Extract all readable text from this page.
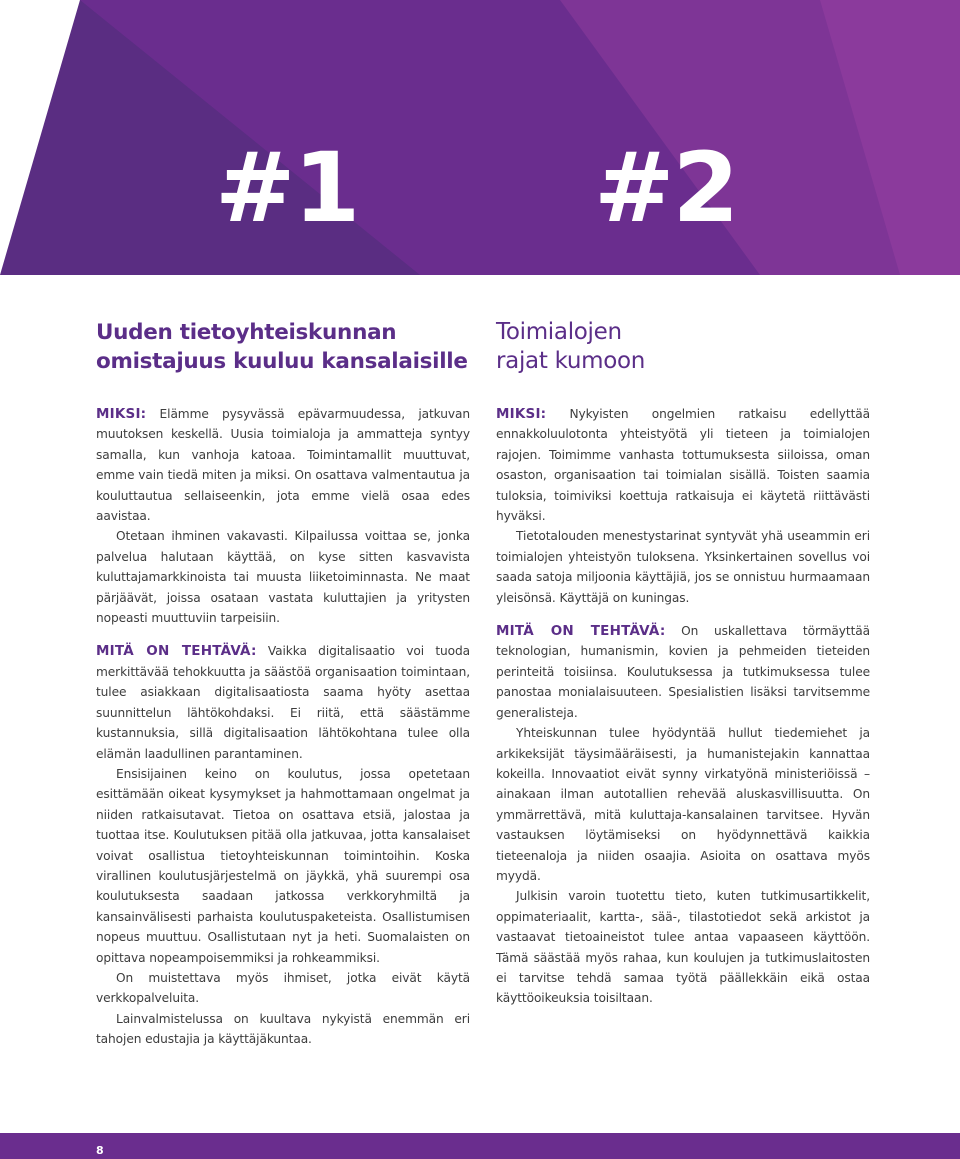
#1 #2
Uuden tietoyhteiskunnan
omistajuus kuuluu kansalaisille

MIKSI: Elämme pysyvässä epävarmuudessa, jatkuvan muutoksen keskellä. Uusia toimialoja ja ammatteja syntyy samalla, kun vanhoja katoaa. Toimintamallit muuttuvat, emme vain tiedä miten ja miksi. On osattava valmentautua ja kouluttautua sellaiseenkin, jota emme vielä osaa edes aavistaa.

Otetaan ihminen vakavasti. Kilpailussa voittaa se, jonka palvelua halutaan käyttää, on kyse sitten kasvavista kuluttajamarkkinoista tai muusta liiketoiminnasta. Ne maat pärjäävät, joissa osataan vastata kuluttajien ja yritysten nopeasti muuttuviin tarpeisiin.

MITÄ ON TEHTÄVÄ: Vaikka digitalisaatio voi tuoda merkittävää tehokkuutta ja säästöä organisaation toimintaan, tulee asiakkaan digitalisaatiosta saama hyöty asettaa suunnittelun lähtökohdaksi. Ei riitä, että säästämme kustannuksia, sillä digitalisaation lähtökohtana tulee olla elämän laadullinen parantaminen.

Ensisijainen keino on koulutus, jossa opetetaan esittämään oikeat kysymykset ja hahmottamaan ongelmat ja niiden ratkaisutavat. Tietoa on osattava etsiä, jalostaa ja tuottaa itse. Koulutuksen pitää olla jatkuvaa, jotta kansalaiset voivat osallistua tietoyhteiskunnan toimintoihin. Koska virallinen koulutusjärjestelmä on jäykkä, yhä suurempi osa koulutuksesta saadaan jatkossa verkkoryhmiltä ja kansainvälisesti parhaista koulutuspaketeista. Osallistumisen nopeus muuttuu. Osallistutaan nyt ja heti. Suomalaisten on opittava nopeampoisemmiksi ja rohkeammiksi.

On muistettava myös ihmiset, jotka eivät käytä verkkopalveluita.

Lainvalmistelussa on kuultava nykyistä enemmän eri tahojen edustajia ja käyttäjäkuntaa.

Toimialojen
rajat kumoon

MIKSI: Nykyisten ongelmien ratkaisu edellyttää ennakkoluulotonta yhteistyötä yli tieteen ja toimialojen rajojen. Toimimme vanhasta tottumuksesta siiloissa, oman osaston, organisaation tai toimialan sisällä. Toisten saamia tuloksia, toimiviksi koettuja ratkaisuja ei käytetä riittävästi hyväksi.

Tietotalouden menestystarinat syntyvät yhä useammin eri toimialojen yhteistyön tuloksena. Yksinkertainen sovellus voi saada satoja miljoonia käyttäjiä, jos se onnistuu hurmaamaan yleisönsä. Käyttäjä on kuningas.

MITÄ ON TEHTÄVÄ: On uskallettava törmäyttää teknologian, humanismin, kovien ja pehmeiden tieteiden perinteitä toisiinsa. Koulutuksessa ja tutkimuksessa tulee panostaa monialaisuuteen. Spesialistien lisäksi tarvitsemme generalisteja.

Yhteiskunnan tulee hyödyntää hullut tiedemiehet ja arkikeksijät täysimääräisesti, ja humanistejakin kannattaa kokeilla. Innovaatiot eivät synny virkatyönä ministeriöissä – ainakaan ilman autotallien rehevää aluskasvillisuutta. On ymmärrettävä, mitä kuluttaja-kansalainen tarvitsee. Hyvän vastauksen löytämiseksi on hyödynnettävä kaikkia tieteenaloja ja niiden osaajia. Asioita on osattava myös myydä.

Julkisin varoin tuotettu tieto, kuten tutkimusartikkelit, oppimateriaalit, kartta-, sää-, tilastotiedot sekä arkistot ja vastaavat tietoaineistot tulee antaa vapaaseen käyttöön. Tämä säästää myös rahaa, kun koulujen ja tutkimuslaitosten ei tarvitse tehdä samaa työtä päällekkäin eikä ostaa käyttöoikeuksia toisiltaan.

8
